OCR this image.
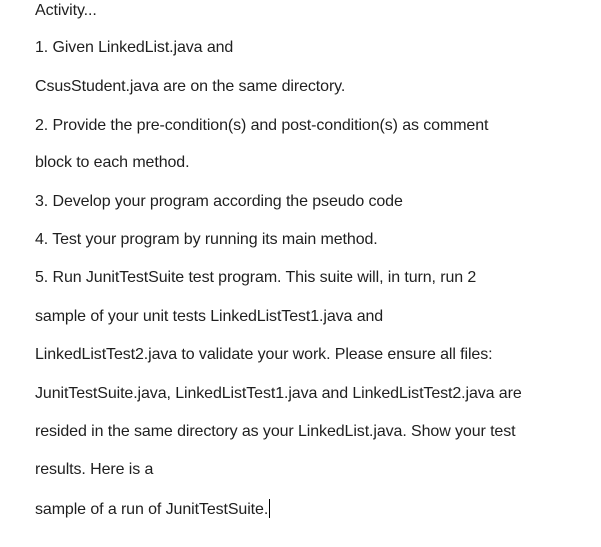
Activity...
1. Given LinkedList.java and
CsusStudent.java are on the same directory.
2. Provide the pre-condition(s) and post-condition(s) as comment
block to each method.
3. Develop your program according the pseudo code
4. Test your program by running its main method.
5. Run JunitTestSuite test program. This suite will, in turn, run 2
sample of your unit tests LinkedListTest1.java and
LinkedListTest2.java to validate your work. Please ensure all files:
JunitTestSuite.java, LinkedListTest1.java and LinkedListTest2.java are
resided in the same directory as your LinkedList.java. Show your test
results. Here is a
sample of a run of JunitTestSuite.
